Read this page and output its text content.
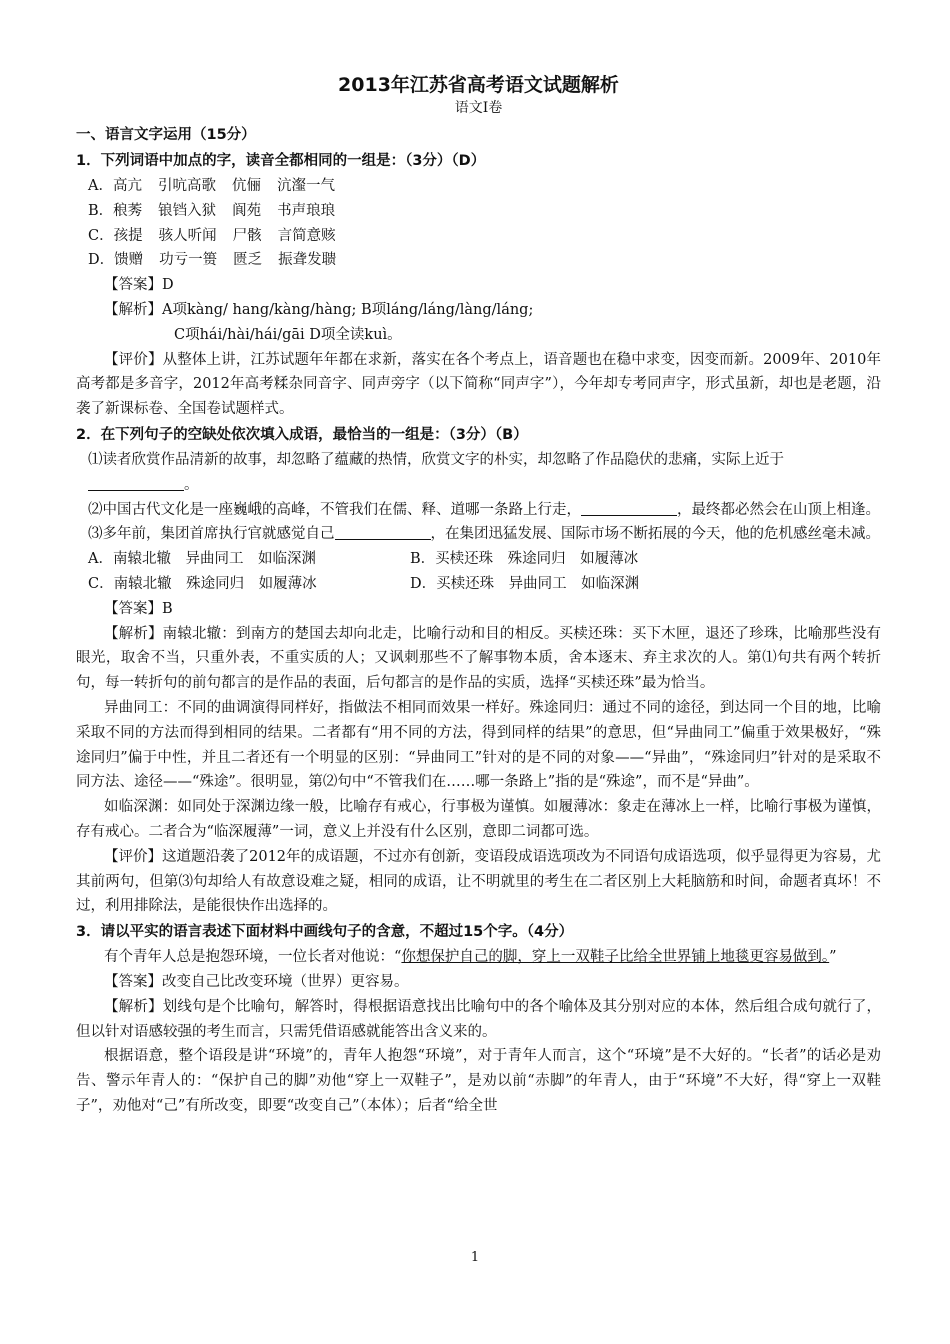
2013年江苏省高考语文试题解析
语文Ⅰ卷
一、语言文字运用（15分）
1．下列词语中加点的字，读音全都相同的一组是：（3分）（D）
A．高亢 引吭高歌 伉俪 沆瀣一气
B．稂莠 锒铛入狱 阆苑 书声琅琅
C．孩提 骇人听闻 尸骸 言简意赅
D．馈赠 功亏一篑 匮乏 振聋发聩
【答案】D
【解析】A项kàng/ hang/kàng/hàng; B项láng/láng/làng/láng;
C项hái/hài/hái/gāi D项全读kuì。
【评价】从整体上讲，江苏试题年年都在求新，落实在各个考点上，语音题也在稳中求变，因变而新。2009年、2010年高考都是多音字，2012年高考糅杂同音字、同声旁字（以下简称“同声字”），今年却专考同声字，形式虽新，却也是老题，沿袭了新课标卷、全国卷试题样式。
2．在下列句子的空缺处依次填入成语，最恰当的一组是：（3分）（B）
⑴读者欣赏作品清新的故事，却忽略了蕴藏的热情，欣赏文字的朴实，却忽略了作品隐伏的悲痛，实际上近于
。
⑵中国古代文化是一座巍峨的高峰，不管我们在儒、释、道哪一条路上行走，	，最终都必然会在山顶上相逢。
⑶多年前，集团首席执行官就感觉自己	，在集团迅猛发展、国际市场不断拓展的今天，他的危机感丝毫未减。
A．南辕北辙　异曲同工　如临深渊	B．买椟还珠　殊途同归　如履薄冰
C．南辕北辙　殊途同归　如履薄冰	D．买椟还珠　异曲同工　如临深渊
【答案】B
【解析】南辕北辙：到南方的楚国去却向北走，比喻行动和目的相反。买椟还珠：买下木匣，退还了珍珠，比喻那些没有眼光，取舍不当，只重外表，不重实质的人；又讽刺那些不了解事物本质，舍本逐末、弃主求次的人。第⑴句共有两个转折句，每一转折句的前句都言的是作品的表面，后句都言的是作品的实质，选择“买椟还珠”最为恰当。
异曲同工：不同的曲调演得同样好，指做法不相同而效果一样好。殊途同归：通过不同的途径，到达同一个目的地，比喻采取不同的方法而得到相同的结果。二者都有“用不同的方法，得到同样的结果”的意思，但“异曲同工”偏重于效果极好，“殊途同归”偏于中性，并且二者还有一个明显的区别：“异曲同工”针对的是不同的对象——“异曲”，“殊途同归”针对的是采取不同方法、途径——“殊途”。很明显，第⑵句中“不管我们在……哪一条路上”指的是“殊途”，而不是“异曲”。
如临深渊：如同处于深渊边缘一般，比喻存有戒心，行事极为谨慎。如履薄冰：象走在薄冰上一样，比喻行事极为谨慎，存有戒心。二者合为“临深履薄”一词，意义上并没有什么区别，意即二词都可选。
【评价】这道题沿袭了2012年的成语题，不过亦有创新，变语段成语选项改为不同语句成语选项，似乎显得更为容易，尤其前两句，但第⑶句却给人有故意设难之疑，相同的成语，让不明就里的考生在二者区别上大耗脑筋和时间，命题者真坏！不过，利用排除法，是能很快作出选择的。
3．请以平实的语言表述下面材料中画线句子的含意，不超过15个字。（4分）
有个青年人总是抱怨环境，一位长者对他说：“你想保护自己的脚，穿上一双鞋子比给全世界铺上地毯更容易做到。”
【答案】改变自己比改变环境（世界）更容易。
【解析】划线句是个比喻句，解答时，得根据语意找出比喻句中的各个喻体及其分别对应的本体，然后组合成句就行了，但以针对语感较强的考生而言，只需凭借语感就能答出含义来的。
根据语意，整个语段是讲“环境”的，青年人抱怨“环境”，对于青年人而言，这个“环境”是不大好的。“长者”的话必是劝告、警示年青人的：“保护自己的脚”劝他“穿上一双鞋子”，是劝以前“赤脚”的年青人，由于“环境”不大好，得“穿上一双鞋子”，劝他对“己”有所改变，即要“改变自己”（本体）；后者“给全世
1
